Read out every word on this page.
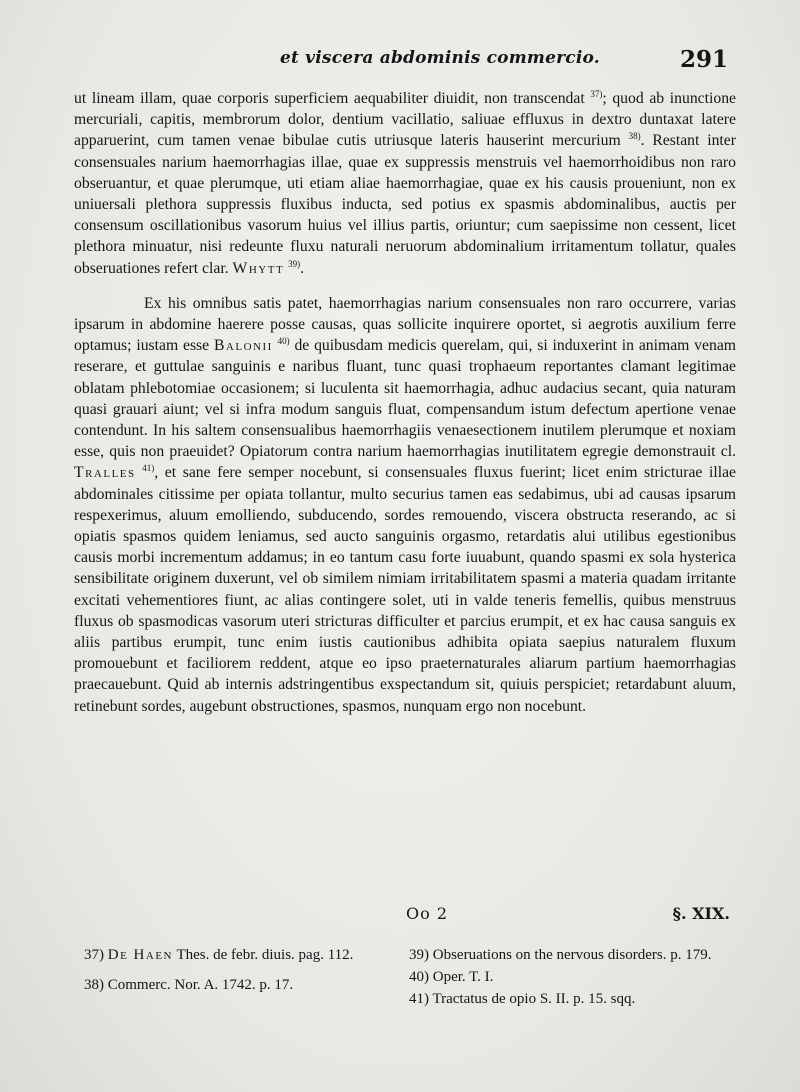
et viscera abdominis commercio.	291

ut lineam illam, quae corporis superficiem aequabiliter diuidit, non transcendat $^{37)}$; quod ab inunctione mercuriali, capitis, membrorum dolor, dentium vacillatio, saliuae effluxus in dextro duntaxat latere apparuerint, cum tamen venae bibulae cutis utriusque lateris hauserint mercurium $^{38)}$. Restant inter consensuales narium haemorrhagias illae, quae ex suppressis menstruis vel haemorrhoidibus non raro obseruantur, et quae plerumque, uti etiam aliae haemorrhagiae, quae ex his causis proueniunt, non ex uniuersali plethora suppressis fluxibus inducta, sed potius ex spasmis abdominalibus, auctis per consensum oscillationibus vasorum huius vel illius partis, oriuntur; cum saepissime non cessent, licet plethora minuatur, nisi redeunte fluxu naturali neruorum abdominalium irritamentum tollatur, quales obseruationes refert clar. Whytt $^{39)}$.

Ex his omnibus satis patet, haemorrhagias narium consensuales non raro occurrere, varias ipsarum in abdomine haerere posse causas, quas sollicite inquirere oportet, si aegrotis auxilium ferre optamus; iustam esse Balonii $^{40)}$ de quibusdam medicis querelam, qui, si induxerint in animam venam reserare, et guttulae sanguinis e naribus fluant, tunc quasi trophaeum reportantes clamant legitimae oblatam phlebotomiae occasionem; si luculenta sit haemorrhagia, adhuc audacius secant, quia naturam quasi grauari aiunt; vel si infra modum sanguis fluat, compensandum istum defectum apertione venae contendunt. In his saltem consensualibus haemorrhagiis venaesectionem inutilem plerumque et noxiam esse, quis non praeuidet? Opiatorum contra narium haemorrhagias inutilitatem egregie demonstrauit cl. Tralles $^{41)}$, et sane fere semper nocebunt, si consensuales fluxus fuerint; licet enim stricturae illae abdominales citissime per opiata tollantur, multo securius tamen eas sedabimus, ubi ad causas ipsarum respexerimus, aluum emolliendo, subducendo, sordes remouendo, viscera obstructa reserando, ac si opiatis spasmos quidem leniamus, sed aucto sanguinis orgasmo, retardatis alui utilibus egestionibus causis morbi incrementum addamus; in eo tantum casu forte iuuabunt, quando spasmi ex sola hysterica sensibilitate originem duxerunt, vel ob similem nimiam irritabilitatem spasmi a materia quadam irritante excitati vehementiores fiunt, ac alias contingere solet, uti in valde teneris femellis, quibus menstruus fluxus ob spasmodicas vasorum uteri stricturas difficulter et parcius erumpit, et ex hac causa sanguis ex aliis partibus erumpit, tunc enim iustis cautionibus adhibita opiata saepius naturalem fluxum promouebunt et faciliorem reddent, atque eo ipso praeternaturales aliarum partium haemorrhagias praecauebunt. Quid ab internis adstringentibus exspectandum sit, quiuis perspiciet; retardabunt aluum, retinebunt sordes, augebunt obstructiones, spasmos, nunquam ergo non nocebunt.

Oo 2	§. XIX.

37) De Haen Thes. de febr. diuis. pag. 112.

38) Commerc. Nor. A. 1742. p. 17.

39) Obseruations on the nervous disorders. p. 179.

40) Oper. T. I.

41) Tractatus de opio S. II. p. 15. sqq.
